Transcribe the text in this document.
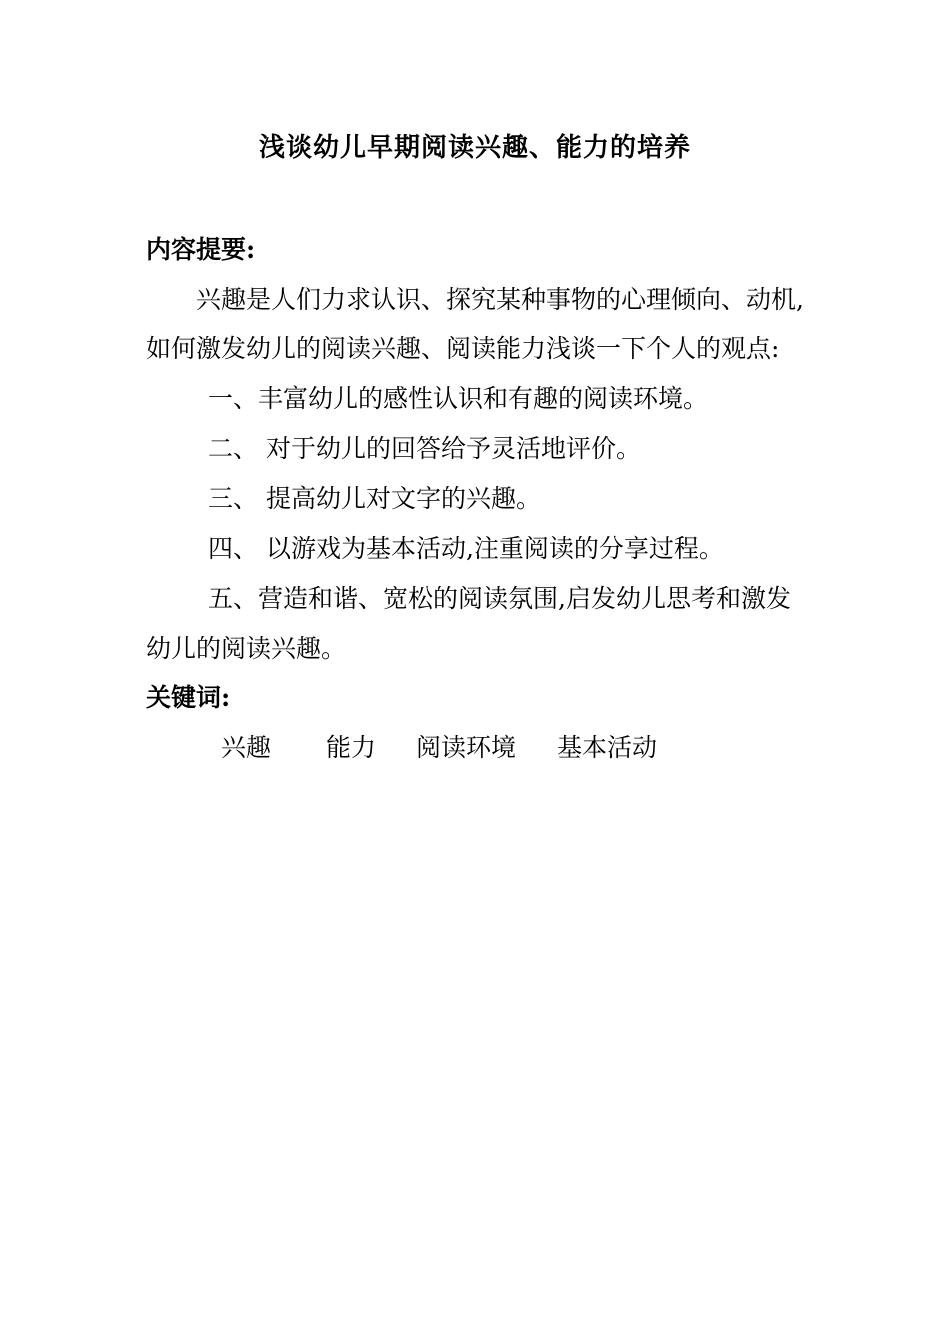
浅谈幼儿早期阅读兴趣、能力的培养
内容提要:
兴趣是人们力求认识、探究某种事物的心理倾向、动机,
如何激发幼儿的阅读兴趣、阅读能力浅谈一下个人的观点:
一、丰富幼儿的感性认识和有趣的阅读环境。
二、 对于幼儿的回答给予灵活地评价。
三、 提高幼儿对文字的兴趣。
四、 以游戏为基本活动,注重阅读的分享过程。
五、营造和谐、宽松的阅读氛围,启发幼儿思考和激发
幼儿的阅读兴趣。
关键词:
兴趣 能力 阅读环境 基本活动
